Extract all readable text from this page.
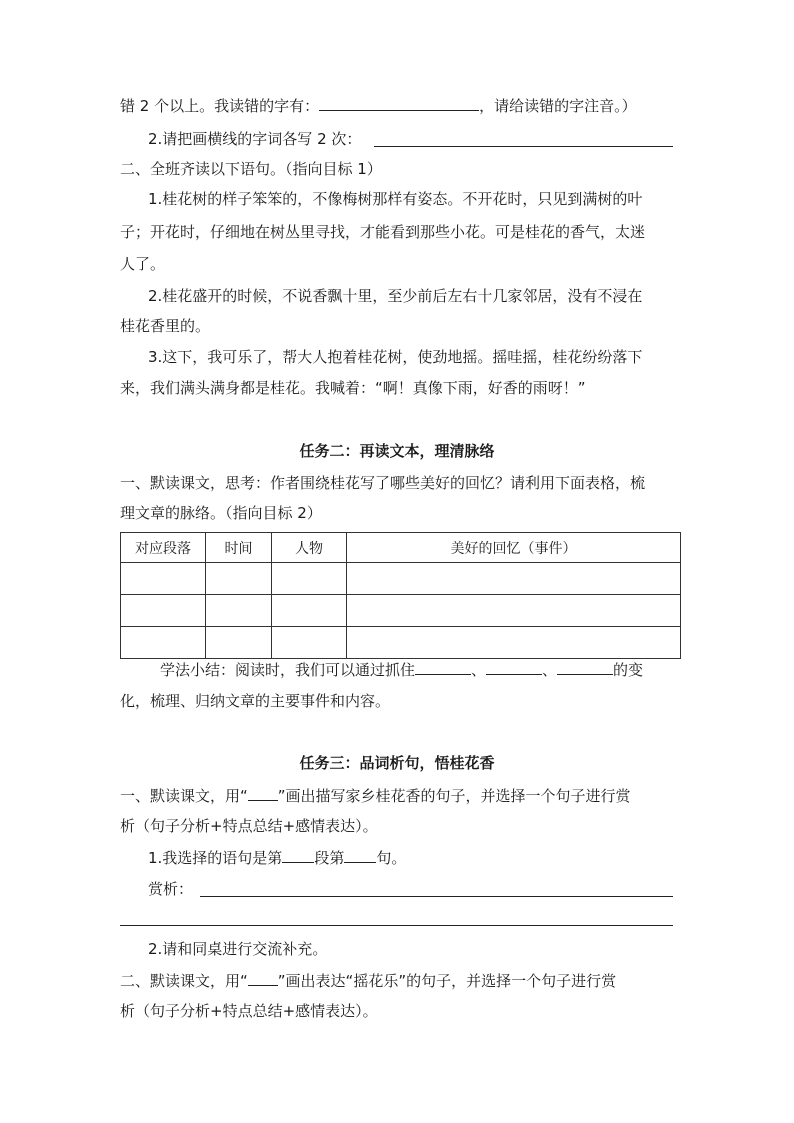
错 2 个以上。我读错的字有：	，请给读错的字注音。）
2.请把画横线的字词各写 2 次：
二、全班齐读以下语句。（指向目标 1）
1.桂花树的样子笨笨的，不像梅树那样有姿态。不开花时，只见到满树的叶
子；开花时，仔细地在树丛里寻找，才能看到那些小花。可是桂花的香气，太迷
人了。
2.桂花盛开的时候，不说香飘十里，至少前后左右十几家邻居，没有不浸在
桂花香里的。
3.这下，我可乐了，帮大人抱着桂花树，使劲地摇。摇哇摇，桂花纷纷落下
来，我们满头满身都是桂花。我喊着：“啊！真像下雨，好香的雨呀！”
任务二：再读文本，理清脉络
一、默读课文，思考：作者围绕桂花写了哪些美好的回忆？请利用下面表格，梳
理文章的脉络。（指向目标 2）
对应段落	时间	人物	美好的回忆（事件）

学法小结：阅读时，我们可以通过抓住	、	、	的变
化，梳理、归纳文章的主要事件和内容。
任务三：品词析句，悟桂花香
一、默读课文，用“ ”画出描写家乡桂花香的句子，并选择一个句子进行赏
析（句子分析+特点总结+感情表达）。
1.我选择的语句是第 段第 句。
赏析：
2.请和同桌进行交流补充。
二、默读课文，用“ ”画出表达“摇花乐”的句子，并选择一个句子进行赏
析（句子分析+特点总结+感情表达）。
